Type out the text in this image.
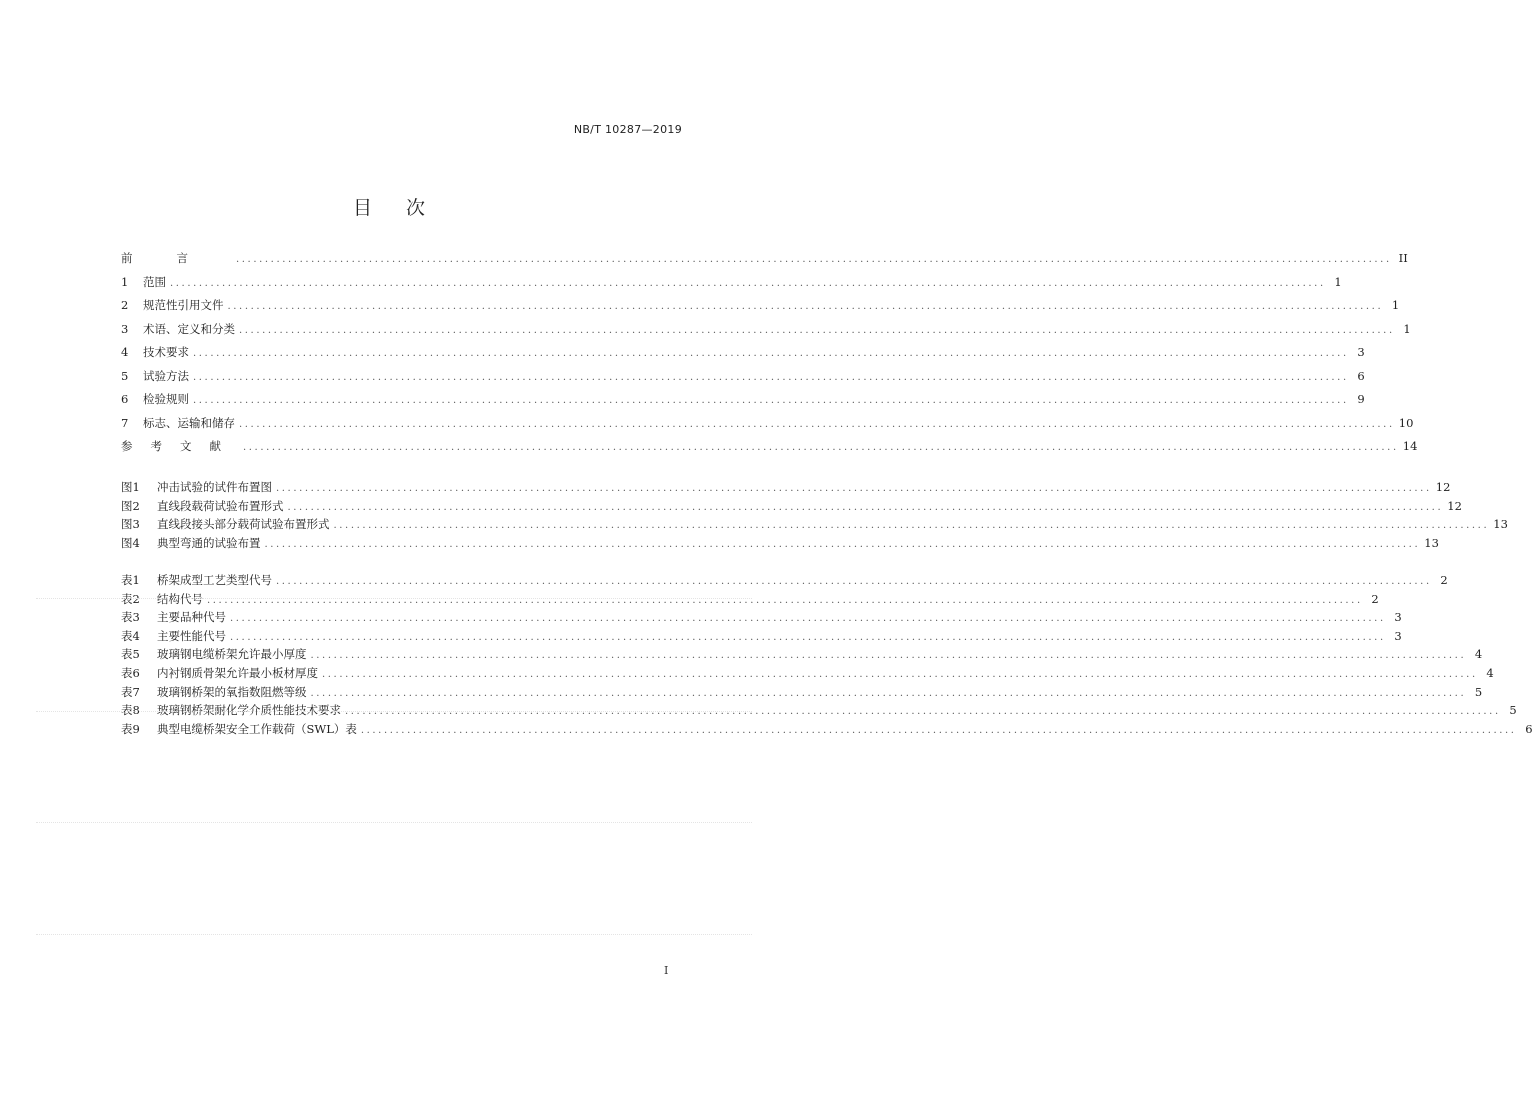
NB/T 10287—2019
目 次
前言 ........................................................................................................................................................................................................ II
1 范围 ........................................................................................................................................................................................................ 1
2 规范性引用文件 ........................................................................................................................................................................................................ 1
3 术语、定义和分类 ........................................................................................................................................................................................................ 1
4 技术要求 ........................................................................................................................................................................................................ 3
5 试验方法 ........................................................................................................................................................................................................ 6
6 检验规则 ........................................................................................................................................................................................................ 9
7 标志、运输和储存 ........................................................................................................................................................................................................ 10
参考文献 ........................................................................................................................................................................................................ 14
图1 冲击试验的试件布置图 ........................................................................................................................................................................................................ 12
图2 直线段载荷试验布置形式 ........................................................................................................................................................................................................ 12
图3 直线段接头部分载荷试验布置形式 ........................................................................................................................................................................................................ 13
图4 典型弯通的试验布置 ........................................................................................................................................................................................................ 13
表1 桥架成型工艺类型代号 ........................................................................................................................................................................................................ 2
表2 结构代号 ........................................................................................................................................................................................................ 2
表3 主要品种代号 ........................................................................................................................................................................................................ 3
表4 主要性能代号 ........................................................................................................................................................................................................ 3
表5 玻璃钢电缆桥架允许最小厚度 ........................................................................................................................................................................................................ 4
表6 内衬钢质骨架允许最小板材厚度 ........................................................................................................................................................................................................ 4
表7 玻璃钢桥架的氧指数阻燃等级 ........................................................................................................................................................................................................ 5
表8 玻璃钢桥架耐化学介质性能技术要求 ........................................................................................................................................................................................................ 5
表9 典型电缆桥架安全工作载荷（SWL）表 ........................................................................................................................................................................................................ 6
I
